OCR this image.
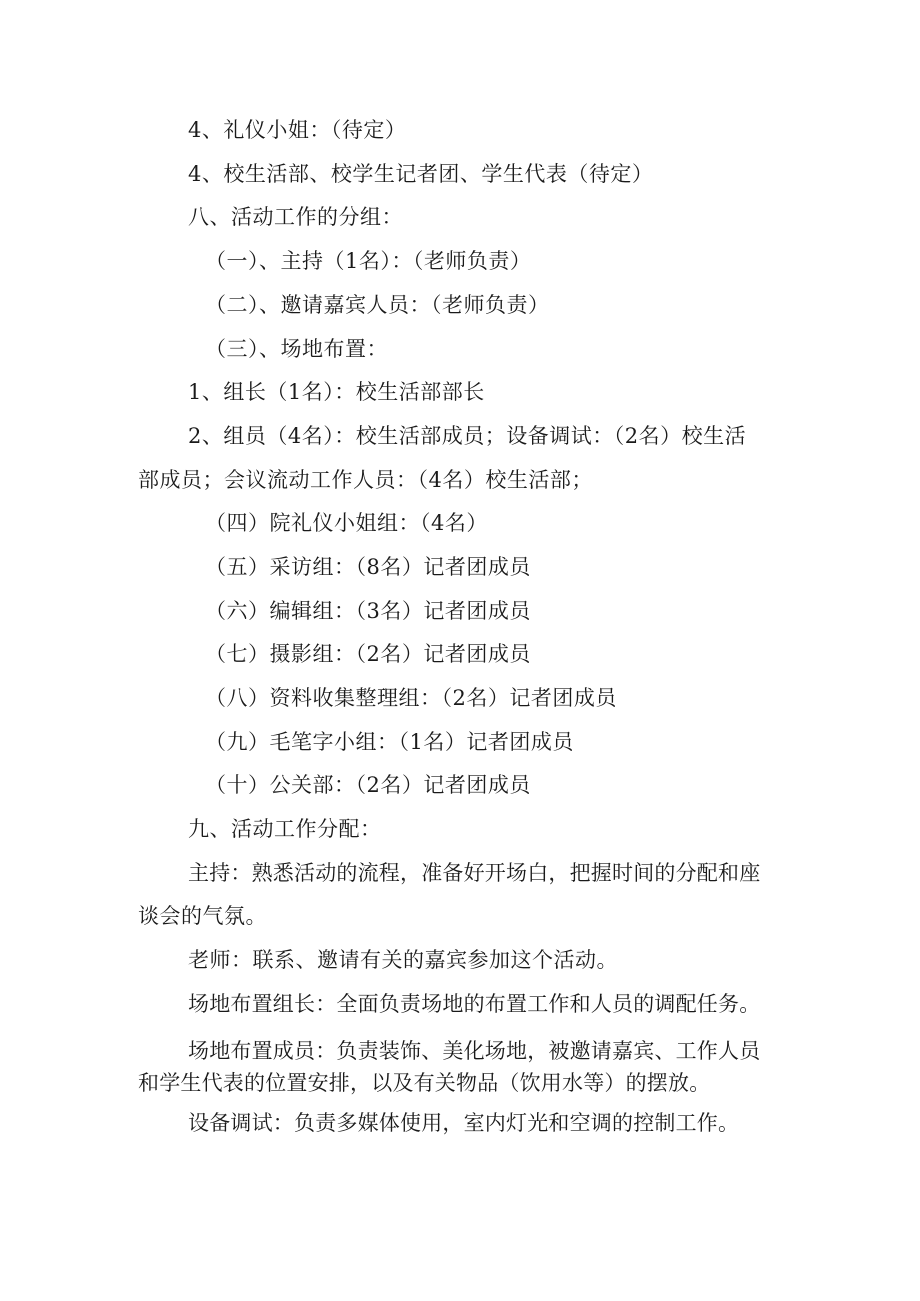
4、礼仪小姐：（待定）
4、校生活部、校学生记者团、学生代表（待定）
八、活动工作的分组：
（一）、主持（1名）：（老师负责）
（二）、邀请嘉宾人员：（老师负责）
（三）、场地布置：
1、组长（1名）：校生活部部长
2、组员（4名）：校生活部成员；设备调试：（2名）校生活
部成员；会议流动工作人员：（4名）校生活部；
（四）院礼仪小姐组：（4名）
（五）采访组：（8名）记者团成员
（六）编辑组：（3名）记者团成员
（七）摄影组：（2名）记者团成员
（八）资料收集整理组：（2名）记者团成员
（九）毛笔字小组：（1名）记者团成员
（十）公关部：（2名）记者团成员
九、活动工作分配：
主持：熟悉活动的流程，准备好开场白，把握时间的分配和座
谈会的气氛。
老师：联系、邀请有关的嘉宾参加这个活动。
场地布置组长：全面负责场地的布置工作和人员的调配任务。
场地布置成员：负责装饰、美化场地，被邀请嘉宾、工作人员
和学生代表的位置安排，以及有关物品（饮用水等）的摆放。
设备调试：负责多媒体使用，室内灯光和空调的控制工作。
